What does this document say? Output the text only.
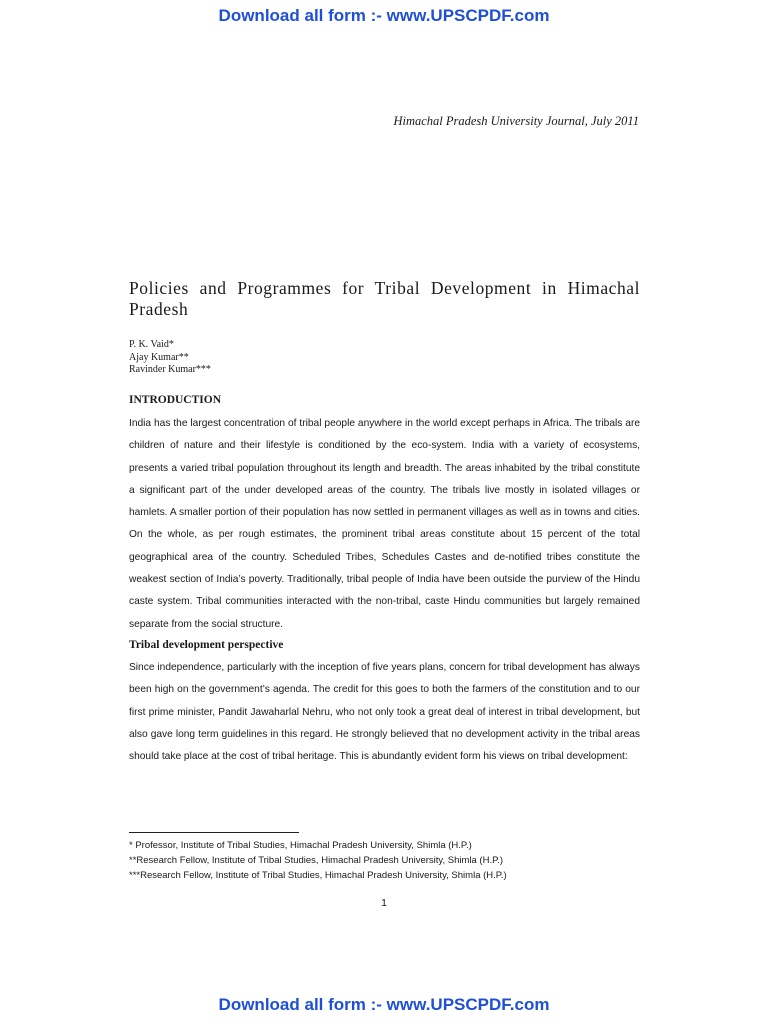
Download all form :- www.UPSCPDF.com
Himachal Pradesh University Journal, July 2011
Policies and Programmes for Tribal Development in Himachal Pradesh
P. K. Vaid*
Ajay Kumar**
Ravinder Kumar***
INTRODUCTION
India has the largest concentration of tribal people anywhere in the world except perhaps in Africa. The tribals are children of nature and their lifestyle is conditioned by the eco-system. India with a variety of ecosystems, presents a varied tribal population throughout its length and breadth. The areas inhabited by the tribal constitute a significant part of the under developed areas of the country. The tribals live mostly in isolated villages or hamlets. A smaller portion of their population has now settled in permanent villages as well as in towns and cities. On the whole, as per rough estimates, the prominent tribal areas constitute about 15 percent of the total geographical area of the country. Scheduled Tribes, Schedules Castes and de-notified tribes constitute the weakest section of India’s poverty. Traditionally, tribal people of India have been outside the purview of the Hindu caste system. Tribal communities interacted with the non-tribal, caste Hindu communities but largely remained separate from the social structure.
Tribal development perspective
Since independence, particularly with the inception of five years plans, concern for tribal development has always been high on the government’s agenda. The credit for this goes to both the farmers of the constitution and to our first prime minister, Pandit Jawaharlal Nehru, who not only took a great deal of interest in tribal development, but also gave long term guidelines in this regard. He strongly believed that no development activity in the tribal areas should take place at the cost of tribal heritage. This is abundantly evident form his views on tribal development:
* Professor, Institute of Tribal Studies, Himachal Pradesh University, Shimla (H.P.)
**Research Fellow, Institute of Tribal Studies, Himachal Pradesh University, Shimla (H.P.)
***Research Fellow, Institute of Tribal Studies, Himachal Pradesh University, Shimla (H.P.)
1
Download all form :- www.UPSCPDF.com
